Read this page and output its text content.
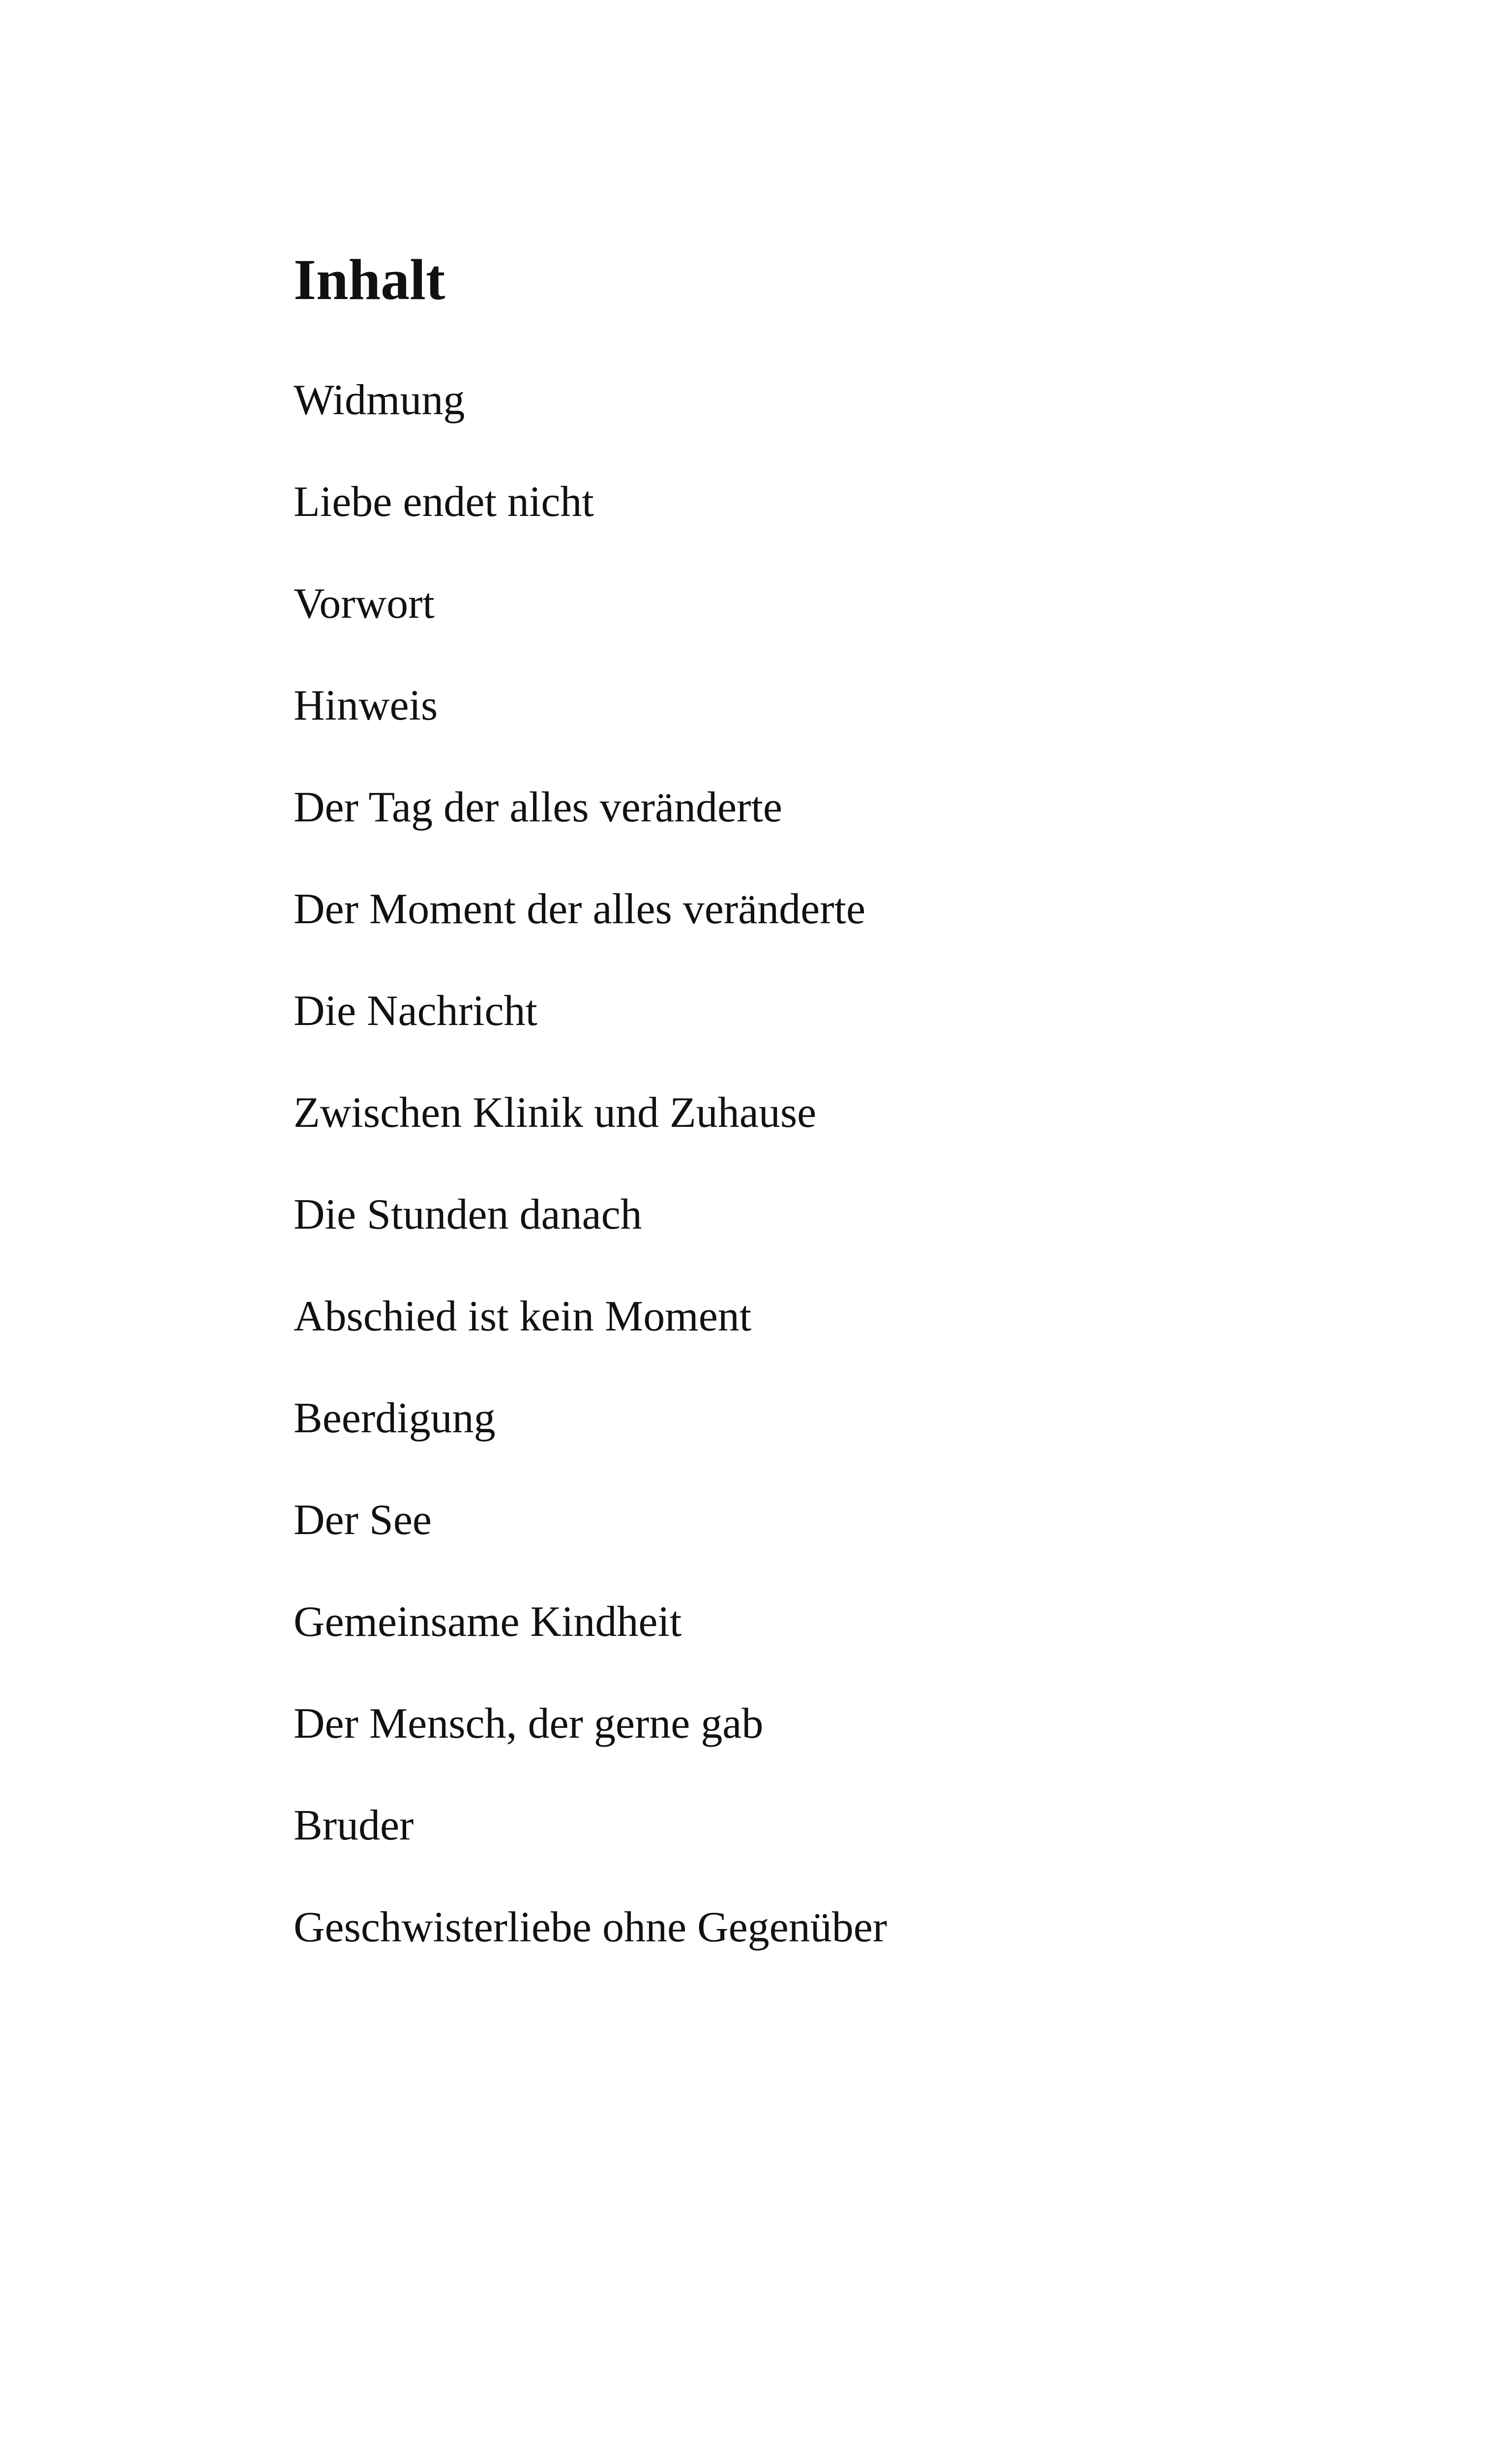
Inhalt
Widmung
Liebe endet nicht
Vorwort
Hinweis
Der Tag der alles veränderte
Der Moment der alles veränderte
Die Nachricht
Zwischen Klinik und Zuhause
Die Stunden danach
Abschied ist kein Moment
Beerdigung
Der See
Gemeinsame Kindheit
Der Mensch, der gerne gab
Bruder
Geschwisterliebe ohne Gegenüber
